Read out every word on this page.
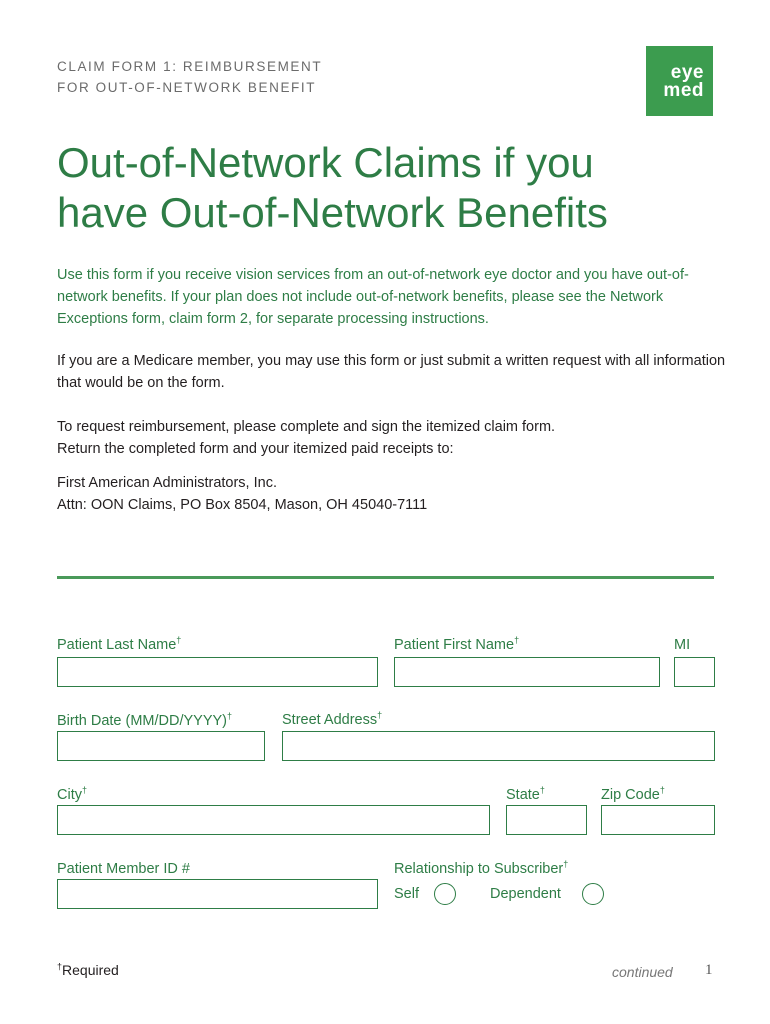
CLAIM FORM 1: REIMBURSEMENT
FOR OUT-OF-NETWORK BENEFIT
eye
med
Out-of-Network Claims if you
have Out-of-Network Benefits

Use this form if you receive vision services from an out-of-network eye doctor and you have out-of-network benefits. If your plan does not include out-of-network benefits, please see the Network Exceptions form, claim form 2, for separate processing instructions.

If you are a Medicare member, you may use this form or just submit a written request with all information that would be on the form.

To request reimbursement, please complete and sign the itemized claim form.
Return the completed form and your itemized paid receipts to:
First American Administrators, Inc.
Attn: OON Claims, PO Box 8504, Mason, OH 45040-7111
Patient Last Name†	Patient First Name†	MI
Birth Date (MM/DD/YYYY)†	Street Address†
City†	State†	Zip Code†
Patient Member ID #	Relationship to Subscriber†
Self	Dependent
†Required	continued 1
